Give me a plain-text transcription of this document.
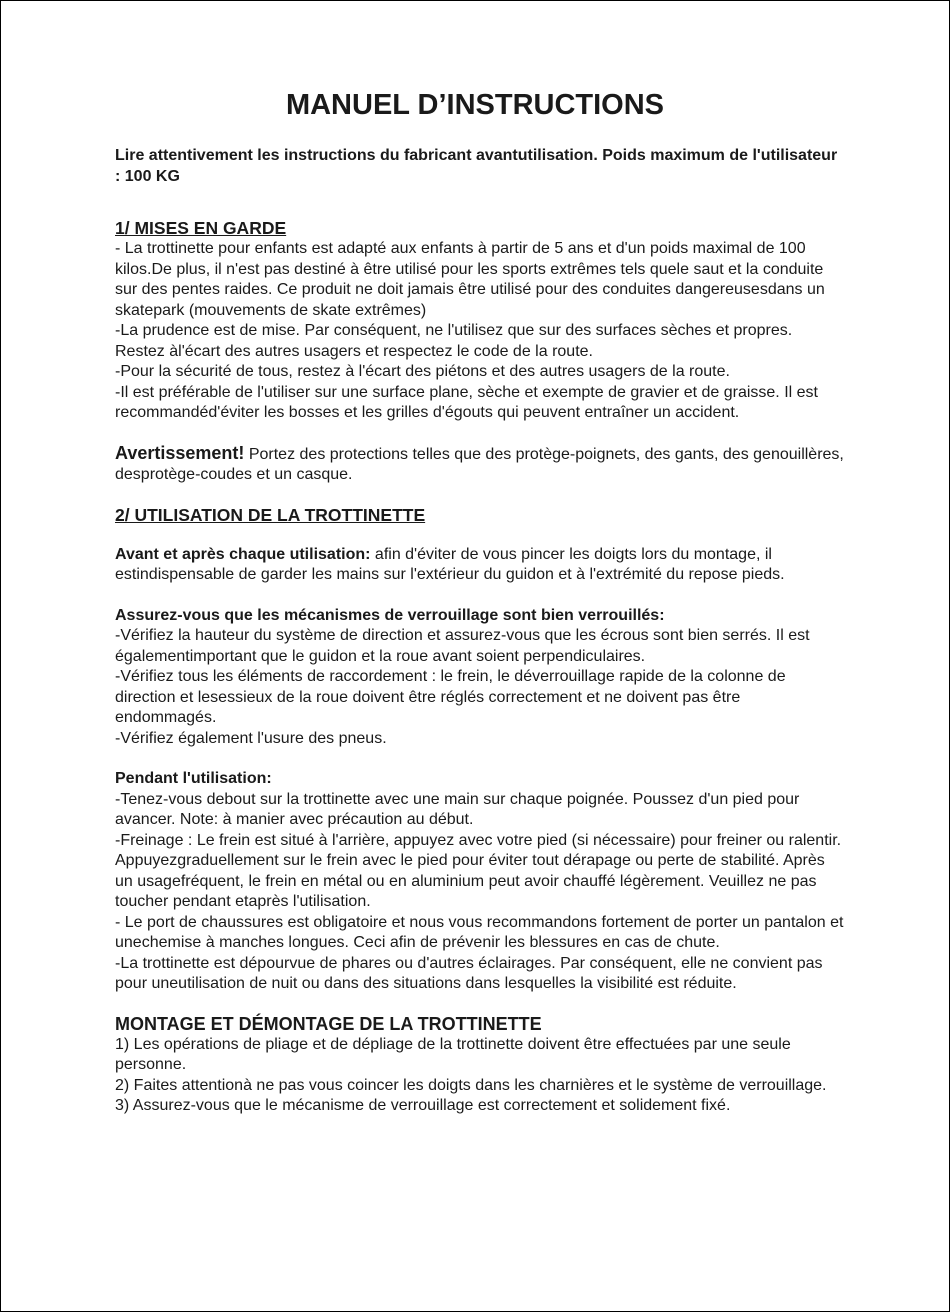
MANUEL D’INSTRUCTIONS

Lire attentivement les instructions du fabricant avantutilisation. Poids maximum de l'utilisateur : 100 KG

1/ MISES EN GARDE

- La trottinette pour enfants est adapté aux enfants à partir de 5 ans et d'un poids maximal de 100 kilos.De plus, il n'est pas destiné à être utilisé pour les sports extrêmes tels quele saut et la conduite sur des pentes raides. Ce produit ne doit jamais être utilisé pour des conduites dangereusesdans un skatepark (mouvements de skate extrêmes)

-La prudence est de mise. Par conséquent, ne l'utilisez que sur des surfaces sèches et propres. Restez àl'écart des autres usagers et respectez le code de la route.

-Pour la sécurité de tous, restez à l'écart des piétons et des autres usagers de la route.

-Il est préférable de l'utiliser sur une surface plane, sèche et exempte de gravier et de graisse. Il est recommandéd'éviter les bosses et les grilles d'égouts qui peuvent entraîner un accident.

Avertissement! Portez des protections telles que des protège-poignets, des gants, des genouillères, desprotège-coudes et un casque.

2/ UTILISATION DE LA TROTTINETTE

Avant et après chaque utilisation: afin d'éviter de vous pincer les doigts lors du montage, il estindispensable de garder les mains sur l'extérieur du guidon et à l'extrémité du repose pieds.

Assurez-vous que les mécanismes de verrouillage sont bien verrouillés:

-Vérifiez la hauteur du système de direction et assurez-vous que les écrous sont bien serrés. Il est égalementimportant que le guidon et la roue avant soient perpendiculaires.

-Vérifiez tous les éléments de raccordement : le frein, le déverrouillage rapide de la colonne de direction et lesessieux de la roue doivent être réglés correctement et ne doivent pas être endommagés.

-Vérifiez également l'usure des pneus.

Pendant l'utilisation:

-Tenez-vous debout sur la trottinette avec une main sur chaque poignée. Poussez d'un pied pour avancer. Note: à manier avec précaution au début.

-Freinage : Le frein est situé à l'arrière, appuyez avec votre pied (si nécessaire) pour freiner ou ralentir. Appuyezgraduellement sur le frein avec le pied pour éviter tout dérapage ou perte de stabilité. Après un usagefréquent, le frein en métal ou en aluminium peut avoir chauffé légèrement. Veuillez ne pas toucher pendant etaprès l'utilisation.

- Le port de chaussures est obligatoire et nous vous recommandons fortement de porter un pantalon et unechemise à manches longues. Ceci afin de prévenir les blessures en cas de chute.

-La trottinette est dépourvue de phares ou d'autres éclairages. Par conséquent, elle ne convient pas pour uneutilisation de nuit ou dans des situations dans lesquelles la visibilité est réduite.

MONTAGE ET DÉMONTAGE DE LA TROTTINETTE

1) Les opérations de pliage et de dépliage de la trottinette doivent être effectuées par une seule personne.

2) Faites attentionà ne pas vous coincer les doigts dans les charnières et le système de verrouillage.

3) Assurez-vous que le mécanisme de verrouillage est correctement et solidement fixé.
